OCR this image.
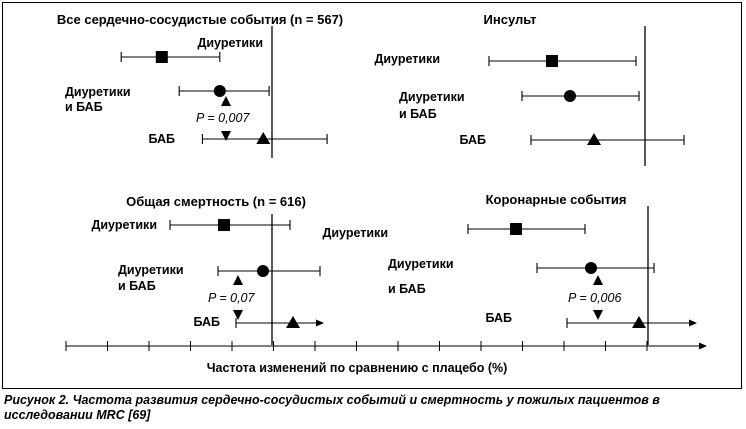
Все сердечно-сосудистые события (n = 567)
Диуретики
Диуретики
и БАБ
БАБ
P = 0,007
Инсульт
Диуретики
Диуретики
и БАБ
БАБ
Общая смертность (n = 616)
Диуретики
Диуретики
и БАБ
БАБ
P = 0,07
Коронарные события
Диуретики
Диуретики
и БАБ
БАБ
P = 0,006
Частота изменений по сравнению с плацебо (%)
Рисунок 2. Частота развития сердечно-сосудистых событий и смертность у пожилых пациентов в исследовании MRC [69]
